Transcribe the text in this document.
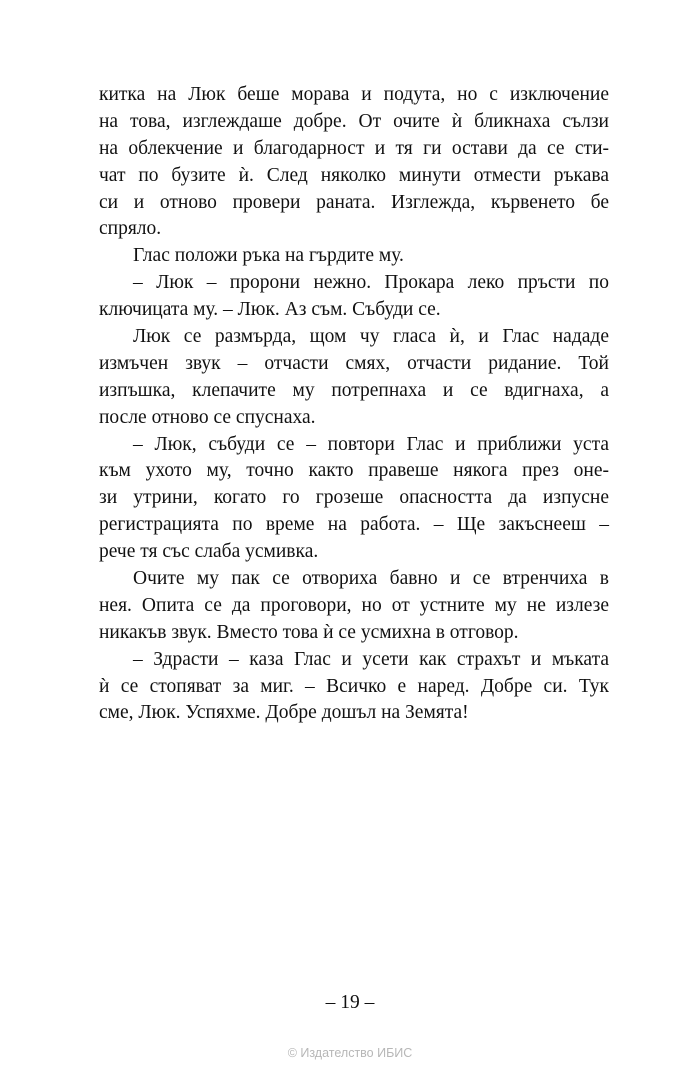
китка на Люк беше морава и подута, но с изключение
на това, изглеждаше добре. От очите ѝ бликнаха сълзи
на облекчение и благодарност и тя ги остави да се сти-
чат по бузите ѝ. След няколко минути отмести ръкава
си и отново провери раната. Изглежда, кървенето бе
спряло.
Глас положи ръка на гърдите му.
– Люк – пророни нежно. Прокара леко пръсти по
ключицата му. – Люк. Аз съм. Събуди се.
Люк се размърда, щом чу гласа ѝ, и Глас нададе
измъчен звук – отчасти смях, отчасти ридание. Той
изпъшка, клепачите му потрепнаха и се вдигнаха, а
после отново се спуснаха.
– Люк, събуди се – повтори Глас и приближи уста
към ухото му, точно както правеше някога през оне-
зи утрини, когато го грозеше опасността да изпусне
регистрацията по време на работа. – Ще закъснееш –
рече тя със слаба усмивка.
Очите му пак се отвориха бавно и се втренчиха в
нея. Опита се да проговори, но от устните му не излезе
никакъв звук. Вместо това ѝ се усмихна в отговор.
– Здрасти – каза Глас и усети как страхът и мъката
ѝ се стопяват за миг. – Всичко е наред. Добре си. Тук
сме, Люк. Успяхме. Добре дошъл на Земята!
– 19 –
© Издателство ИБИС
